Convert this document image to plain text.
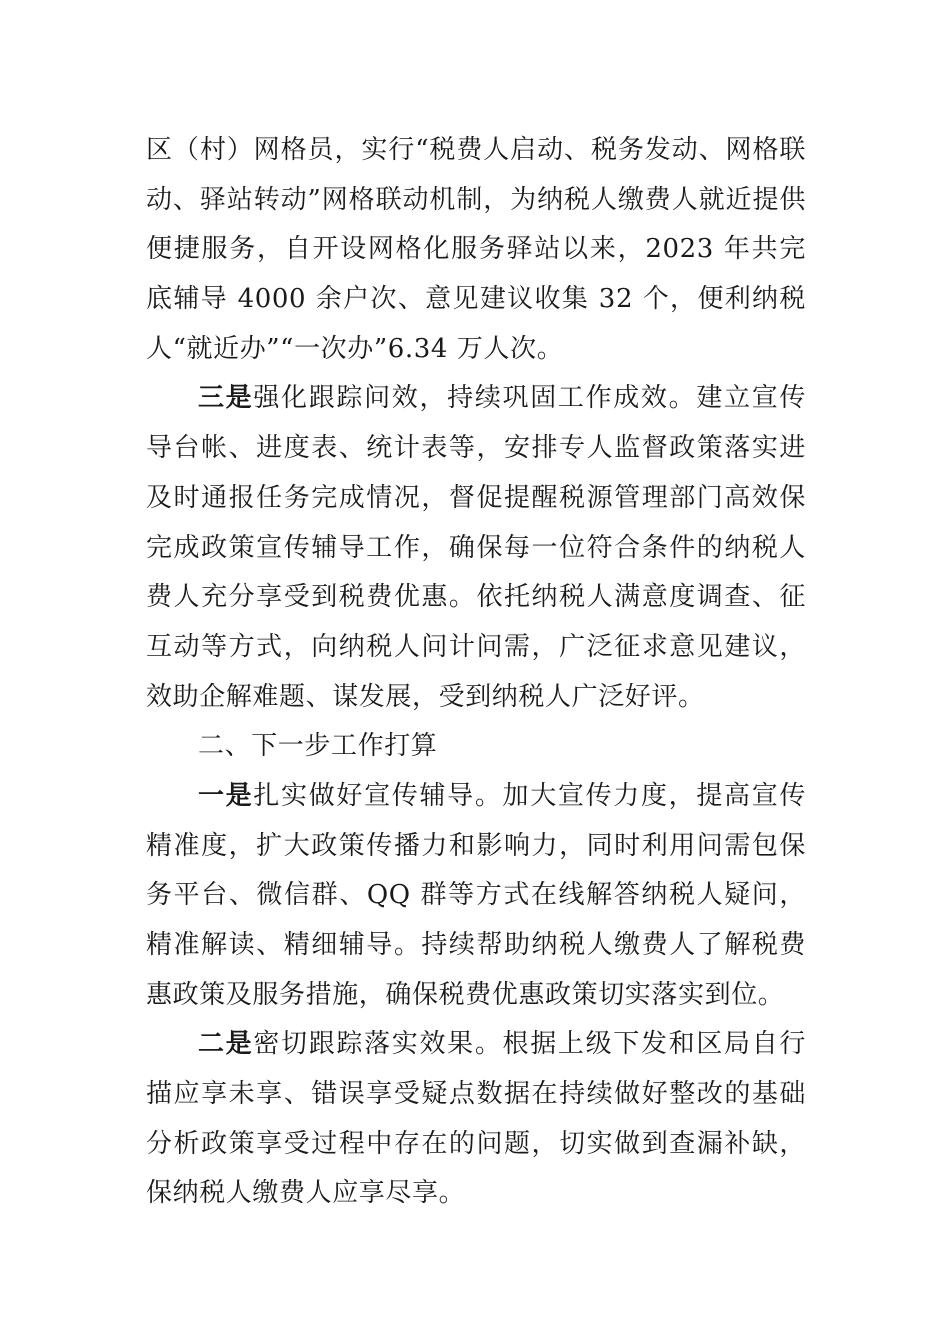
区（村）网格员，实行“税费人启动、税务发动、网格联
动、驿站转动”网格联动机制，为纳税人缴费人就近提供
便捷服务，自开设网格化服务驿站以来，2023 年共完
底辅导 4000 余户次、意见建议收集 32 个，便利纳税
人“就近办”“一次办”6.34 万人次。
三是强化跟踪问效，持续巩固工作成效。建立宣传
导台帐、进度表、统计表等，安排专人监督政策落实进
及时通报任务完成情况，督促提醒税源管理部门高效保
完成政策宣传辅导工作，确保每一位符合条件的纳税人
费人充分享受到税费优惠。依托纳税人满意度调查、征
互动等方式，向纳税人问计问需，广泛征求意见建议，
效助企解难题、谋发展，受到纳税人广泛好评。
二、下一步工作打算
一是扎实做好宣传辅导。加大宣传力度，提高宣传
精准度，扩大政策传播力和影响力，同时利用问需包保
务平台、微信群、QQ 群等方式在线解答纳税人疑问，
精准解读、精细辅导。持续帮助纳税人缴费人了解税费
惠政策及服务措施，确保税费优惠政策切实落实到位。
二是密切跟踪落实效果。根据上级下发和区局自行
描应享未享、错误享受疑点数据在持续做好整改的基础
分析政策享受过程中存在的问题，切实做到查漏补缺，
保纳税人缴费人应享尽享。
